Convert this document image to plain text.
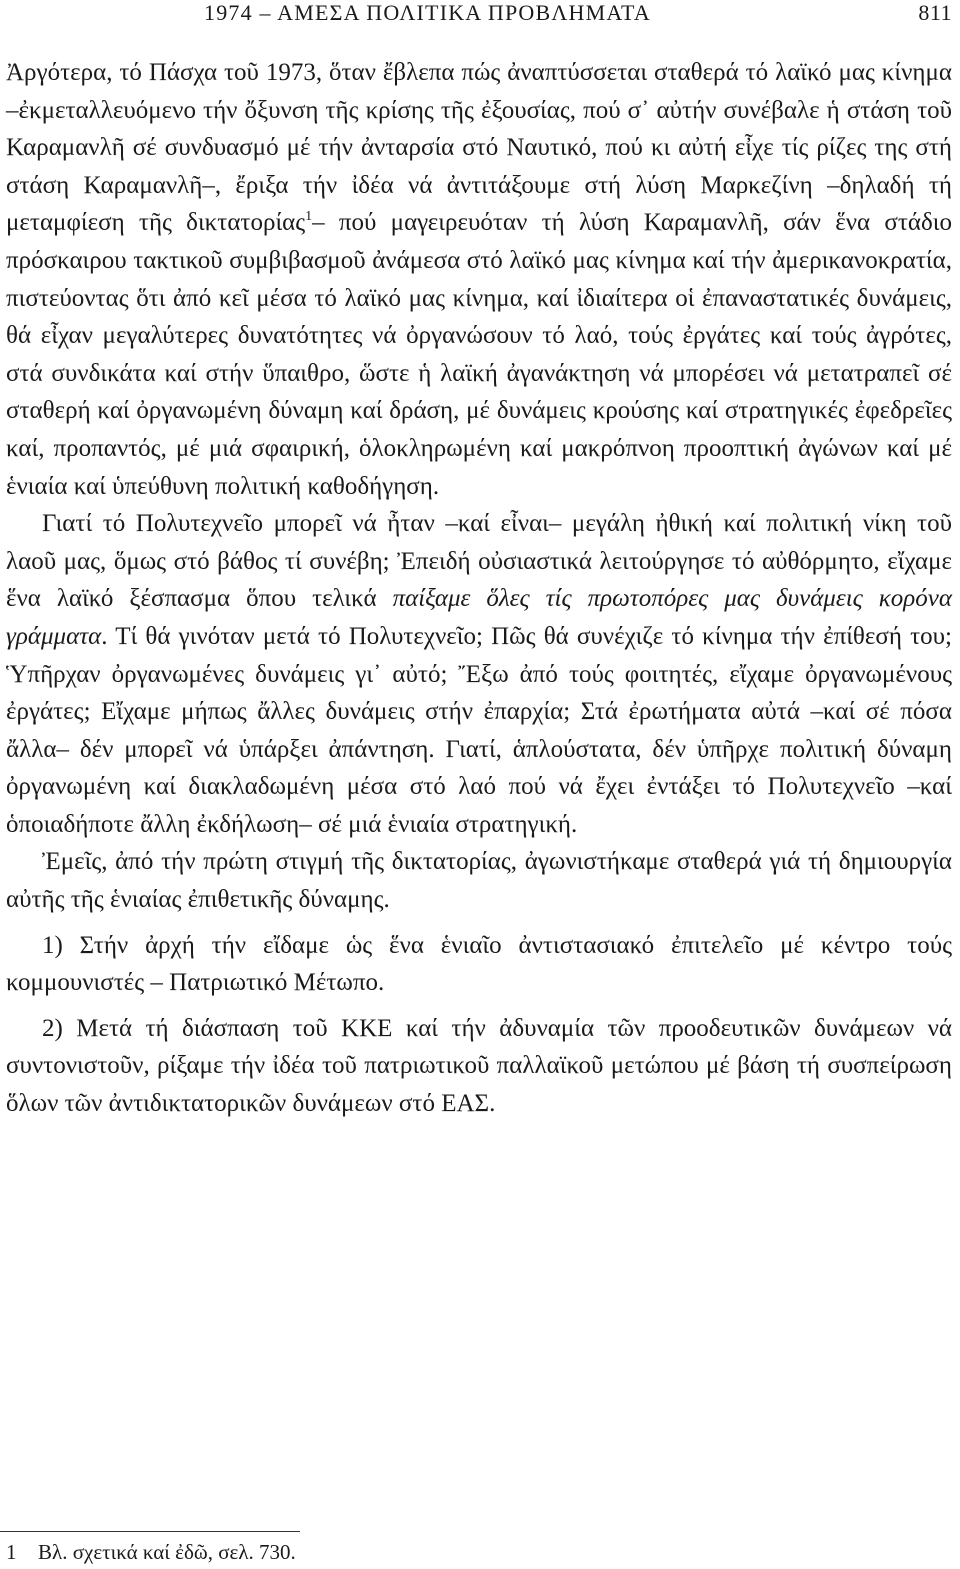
1974 – ΑΜΕΣΑ ΠΟΛΙΤΙΚΑ ΠΡΟΒΛΗΜΑΤΑ	811

Ἀργότερα, τό Πάσχα τοῦ 1973, ὅταν ἔβλεπα πώς ἀναπτύσσεται σταθερά τό λαϊκό μας κίνημα –ἐκμεταλλευόμενο τήν ὄξυνση τῆς κρίσης τῆς ἐξουσίας, πού σ᾽ αὐτήν συνέβαλε ἡ στάση τοῦ Καραμανλῆ σέ συνδυασμό μέ τήν ἀνταρσία στό Ναυτικό, πού κι αὐτή εἶχε τίς ρίζες της στή στάση Καραμανλῆ–, ἔριξα τήν ἰδέα νά ἀντιτάξουμε στή λύση Μαρκεζίνη –δηλαδή τή μεταμφίεση τῆς δικτατορίας$^1$– πού μαγειρευόταν τή λύση Καραμανλῆ, σάν ἕνα στάδιο πρόσκαιρου τακτικοῦ συμβιβασμοῦ ἀνάμεσα στό λαϊκό μας κίνημα καί τήν ἀμερικανοκρατία, πιστεύοντας ὅτι ἀπό κεῖ μέσα τό λαϊκό μας κίνημα, καί ἰδιαίτερα οἱ ἐπαναστατικές δυνάμεις, θά εἶχαν μεγαλύτερες δυνατότητες νά ὀργανώσουν τό λαό, τούς ἐργάτες καί τούς ἀγρότες, στά συνδικάτα καί στήν ὕπαιθρο, ὥστε ἡ λαϊκή ἀγανάκτηση νά μπορέσει νά μετατραπεῖ σέ σταθερή καί ὀργανωμένη δύναμη καί δράση, μέ δυνάμεις κρούσης καί στρατηγικές ἐφεδρεῖες καί, προπαντός, μέ μιά σφαιρική, ὁλοκληρωμένη καί μακρόπνοη προοπτική ἀγώνων καί μέ ἑνιαία καί ὑπεύθυνη πολιτική καθοδήγηση.

Γιατί τό Πολυτεχνεῖο μπορεῖ νά ἦταν –καί εἶναι– μεγάλη ἠθική καί πολιτική νίκη τοῦ λαοῦ μας, ὅμως στό βάθος τί συνέβη; Ἐπειδή οὐσιαστικά λειτούργησε τό αὐθόρμητο, εἴχαμε ἕνα λαϊκό ξέσπασμα ὅπου τελικά παίξαμε ὅλες τίς πρωτοπόρες μας δυνάμεις κορόνα γράμματα. Τί θά γινόταν μετά τό Πολυτεχνεῖο; Πῶς θά συνέχιζε τό κίνημα τήν ἐπίθεσή του; Ὑπῆρχαν ὀργανωμένες δυνάμεις γι᾽ αὐτό; Ἔξω ἀπό τούς φοιτητές, εἴχαμε ὀργανωμένους ἐργάτες; Εἴχαμε μήπως ἄλλες δυνάμεις στήν ἐπαρχία; Στά ἐρωτήματα αὐτά –καί σέ πόσα ἄλλα– δέν μπορεῖ νά ὑπάρξει ἀπάντηση. Γιατί, ἁπλούστατα, δέν ὑπῆρχε πολιτική δύναμη ὀργανωμένη καί διακλαδωμένη μέσα στό λαό πού νά ἔχει ἐντάξει τό Πολυτεχνεῖο –καί ὁποιαδήποτε ἄλλη ἐκδήλωση– σέ μιά ἑνιαία στρατηγική.

Ἐμεῖς, ἀπό τήν πρώτη στιγμή τῆς δικτατορίας, ἀγωνιστήκαμε σταθερά γιά τή δημιουργία αὐτῆς τῆς ἑνιαίας ἐπιθετικῆς δύναμης.

1) Στήν ἀρχή τήν εἴδαμε ὡς ἕνα ἑνιαῖο ἀντιστασιακό ἐπιτελεῖο μέ κέντρο τούς κομμουνιστές – Πατριωτικό Μέτωπο.

2) Μετά τή διάσπαση τοῦ ΚΚΕ καί τήν ἀδυναμία τῶν προοδευτικῶν δυνάμεων νά συντονιστοῦν, ρίξαμε τήν ἰδέα τοῦ πατριωτικοῦ παλλαϊκοῦ μετώπου μέ βάση τή συσπείρωση ὅλων τῶν ἀντιδικτατορικῶν δυνάμεων στό ΕΑΣ.

1 Βλ. σχετικά καί ἐδῶ, σελ. 730.
